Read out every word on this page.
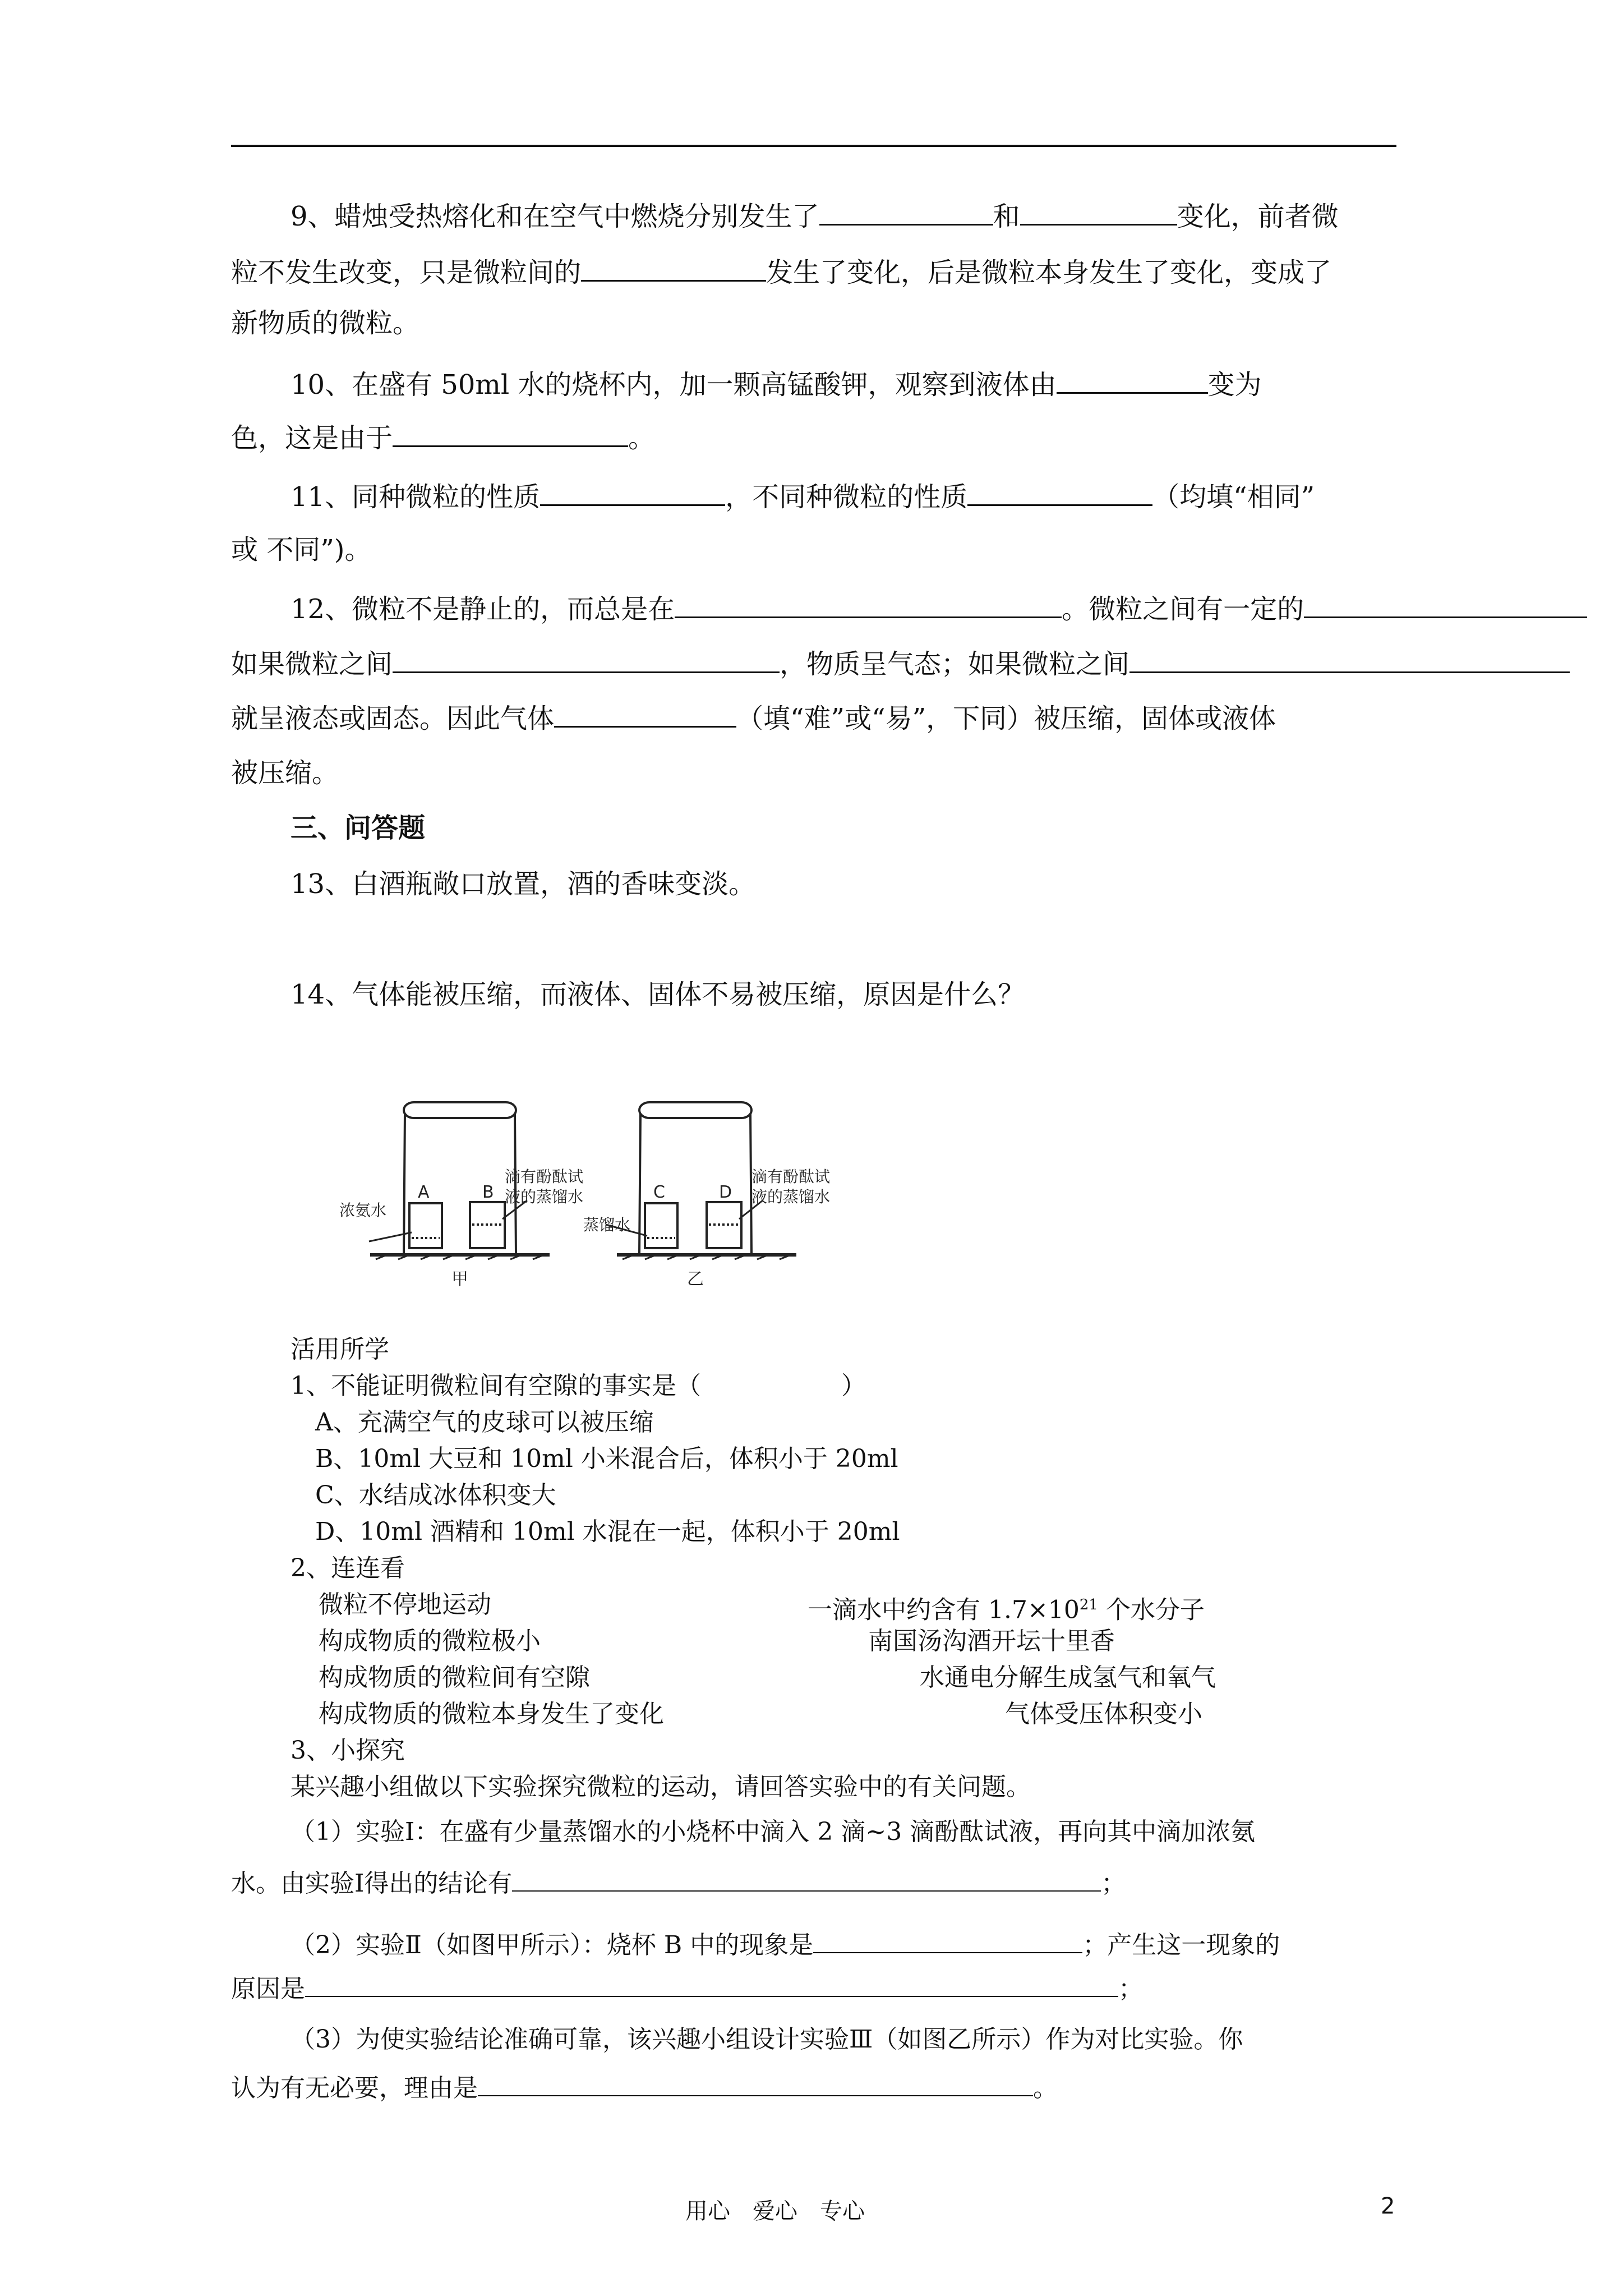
9、蜡烛受热熔化和在空气中燃烧分别发生了	和	变化，前者微
粒不发生改变，只是微粒间的	发生了变化，后是微粒本身发生了变化，变成了
新物质的微粒。
10、在盛有 50ml 水的烧杯内，加一颗高锰酸钾，观察到液体由	变为
色，这是由于	。
11、同种微粒的性质	，不同种微粒的性质	（均填“相同”
或 不同”)。
12、微粒不是静止的，而总是在	。微粒之间有一定的
如果微粒之间	，物质呈气态；如果微粒之间
就呈液态或固态。因此气体	（填“难”或“易”，下同）被压缩，固体或液体
被压缩。
三、问答题
13、白酒瓶敞口放置，酒的香味变淡。
14、气体能被压缩，而液体、固体不易被压缩，原因是什么？
A	B
浓氨水
滴有酚酞试
液的蒸馏水
甲
C	D
蒸馏水
滴有酚酞试
液的蒸馏水
乙
活用所学
1、不能证明微粒间有空隙的事实是（	）
A、充满空气的皮球可以被压缩
B、10ml 大豆和 10ml 小米混合后，体积小于 20ml
C、水结成冰体积变大
D、10ml 酒精和 10ml 水混在一起，体积小于 20ml
2、连连看
微粒不停地运动
构成物质的微粒极小
构成物质的微粒间有空隙
构成物质的微粒本身发生了变化
一滴水中约含有 $1.7\times 10^{21}$ 个水分子
南国汤沟酒开坛十里香
水通电分解生成氢气和氧气
气体受压体积变小
3、小探究
某兴趣小组做以下实验探究微粒的运动，请回答实验中的有关问题。
（1）实验Ⅰ：在盛有少量蒸馏水的小烧杯中滴入 2 滴~3 滴酚酞试液，再向其中滴加浓氨
水。由实验Ⅰ得出的结论有	；
（2）实验Ⅱ（如图甲所示）：烧杯 B 中的现象是	；产生这一现象的
原因是	；
（3）为使实验结论准确可靠，该兴趣小组设计实验Ⅲ（如图乙所示）作为对比实验。你
认为有无必要，理由是	。
用心　爱心　专心	2
